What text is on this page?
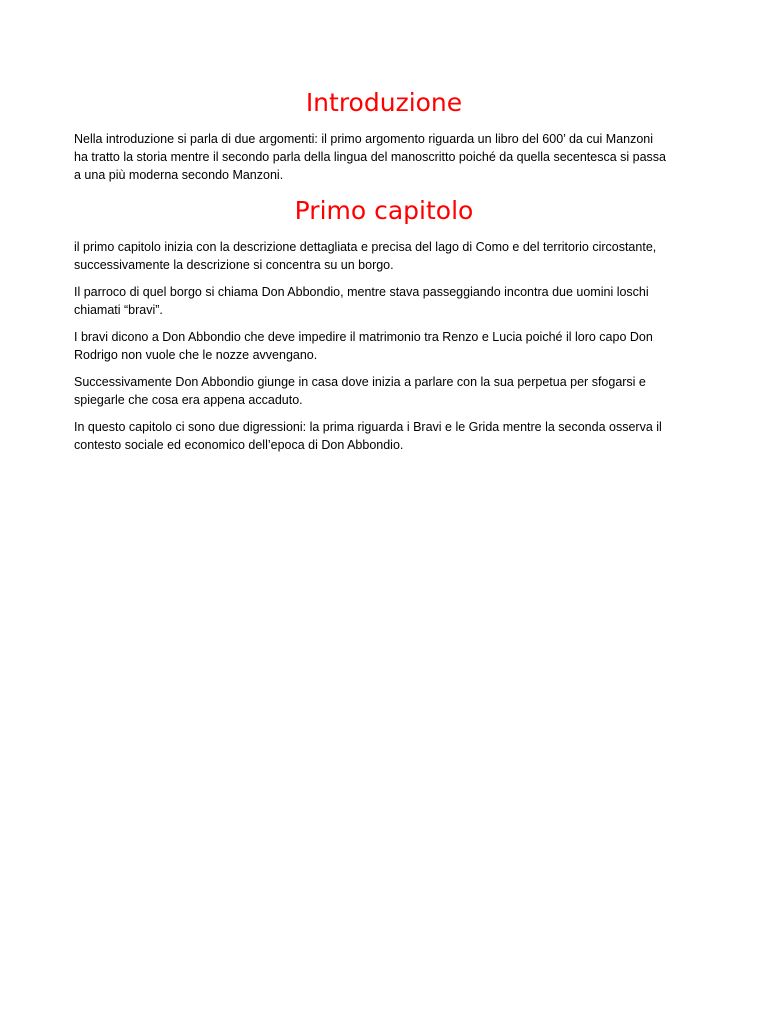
Introduzione

Nella introduzione si parla di due argomenti: il primo argomento riguarda un libro del 600’ da cui Manzoni
ha tratto la storia mentre il secondo parla della lingua del manoscritto poiché da quella secentesca si passa
a una più moderna secondo Manzoni.

Primo capitolo

il primo capitolo inizia con la descrizione dettagliata e precisa del lago di Como e del territorio circostante,
successivamente la descrizione si concentra su un borgo.

Il parroco di quel borgo si chiama Don Abbondio, mentre stava passeggiando incontra due uomini loschi
chiamati “bravi”.

I bravi dicono a Don Abbondio che deve impedire il matrimonio tra Renzo e Lucia poiché il loro capo Don
Rodrigo non vuole che le nozze avvengano.

Successivamente Don Abbondio giunge in casa dove inizia a parlare con la sua perpetua per sfogarsi e
spiegarle che cosa era appena accaduto.

In questo capitolo ci sono due digressioni: la prima riguarda i Bravi e le Grida mentre la seconda osserva il
contesto sociale ed economico dell’epoca di Don Abbondio.
